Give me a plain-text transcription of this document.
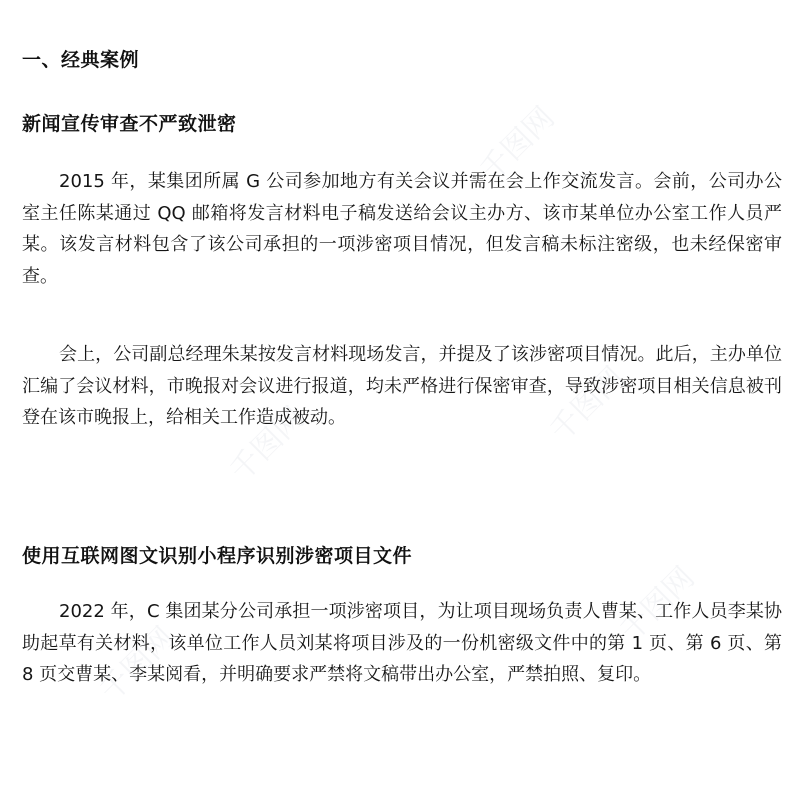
千图网
千图网
千图网
千图网
千图网
一、经典案例
新闻宣传审查不严致泄密

2015 年，某集团所属 G 公司参加地方有关会议并需在会上作交流发言。会前，公司办公室主任陈某通过 QQ 邮箱将发言材料电子稿发送给会议主办方、该市某单位办公室工作人员严某。该发言材料包含了该公司承担的一项涉密项目情况，但发言稿未标注密级，也未经保密审查。

会上，公司副总经理朱某按发言材料现场发言，并提及了该涉密项目情况。此后，主办单位汇编了会议材料，市晚报对会议进行报道，均未严格进行保密审查，导致涉密项目相关信息被刊登在该市晚报上，给相关工作造成被动。

使用互联网图文识别小程序识别涉密项目文件

2022 年，C 集团某分公司承担一项涉密项目，为让项目现场负责人曹某、工作人员李某协助起草有关材料，该单位工作人员刘某将项目涉及的一份机密级文件中的第 1 页、第 6 页、第 8 页交曹某、李某阅看，并明确要求严禁将文稿带出办公室，严禁拍照、复印。
